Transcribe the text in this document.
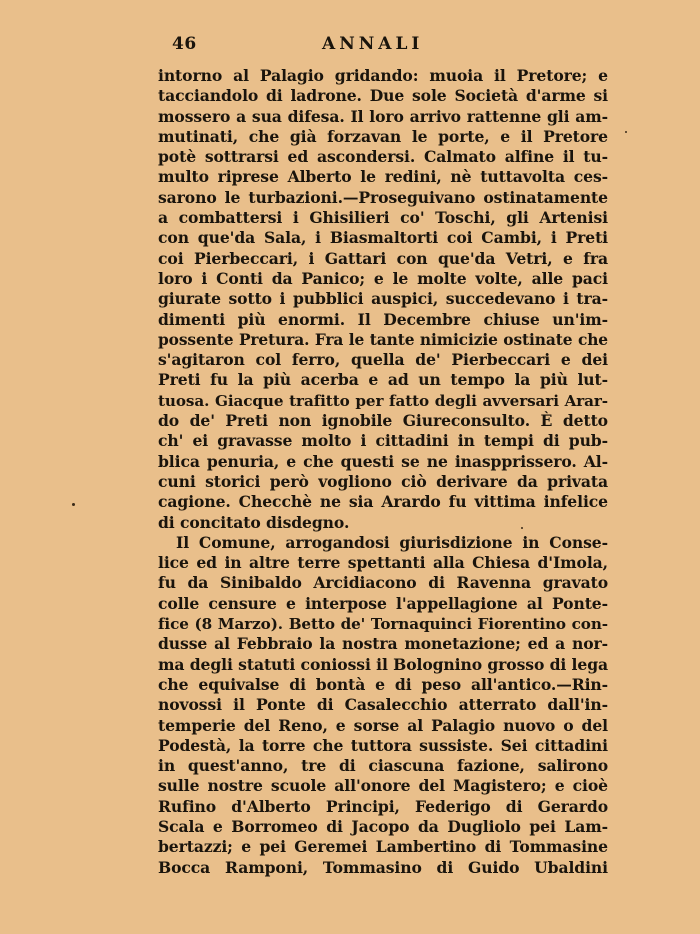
46	ANNALI
intorno al Palagio gridando: muoia il Pretore; e
tacciandolo di ladrone. Due sole Società d'arme si
mossero a sua difesa. Il loro arrivo rattenne gli am-
mutinati, che già forzavan le porte, e il Pretore
potè sottrarsi ed ascondersi. Calmato alfine il tu-
multo riprese Alberto le redini, nè tuttavolta ces-
sarono le turbazioni.—Proseguivano ostinatamente
a combattersi i Ghisilieri co' Toschi, gli Artenisi
con que'da Sala, i Biasmaltorti coi Cambi, i Preti
coi Pierbeccari, i Gattari con que'da Vetri, e fra
loro i Conti da Panico; e le molte volte, alle paci
giurate sotto i pubblici auspici, succedevano i tra-
dimenti più enormi. Il Decembre chiuse un'im-
possente Pretura. Fra le tante nimicizie ostinate che
s'agitaron col ferro, quella de' Pierbeccari e dei
Preti fu la più acerba e ad un tempo la più lut-
tuosa. Giacque trafitto per fatto degli avversari Arar-
do de' Preti non ignobile Giureconsulto. È detto
ch' ei gravasse molto i cittadini in tempi di pub-
blica penuria, e che questi se ne inaspprissero. Al-
cuni storici però vogliono ciò derivare da privata
cagione. Checchè ne sia Arardo fu vittima infelice
di concitato disdegno.
Il Comune, arrogandosi giurisdizione in Conse-
lice ed in altre terre spettanti alla Chiesa d'Imola,
fu da Sinibaldo Arcidiacono di Ravenna gravato
colle censure e interpose l'appellagione al Ponte-
fice (8 Marzo). Betto de' Tornaquinci Fiorentino con-
dusse al Febbraio la nostra monetazione; ed a nor-
ma degli statuti coniossi il Bolognino grosso di lega
che equivalse di bontà e di peso all'antico.—Rin-
novossi il Ponte di Casalecchio atterrato dall'in-
temperie del Reno, e sorse al Palagio nuovo o del
Podestà, la torre che tuttora sussiste. Sei cittadini
in quest'anno, tre di ciascuna fazione, salirono
sulle nostre scuole all'onore del Magistero; e cioè
Rufino d'Alberto Principi, Federigo di Gerardo
Scala e Borromeo di Jacopo da Dugliolo pei Lam-
bertazzi; e pei Geremei Lambertino di Tommasine
Bocca Ramponi, Tommasino di Guido Ubaldini
